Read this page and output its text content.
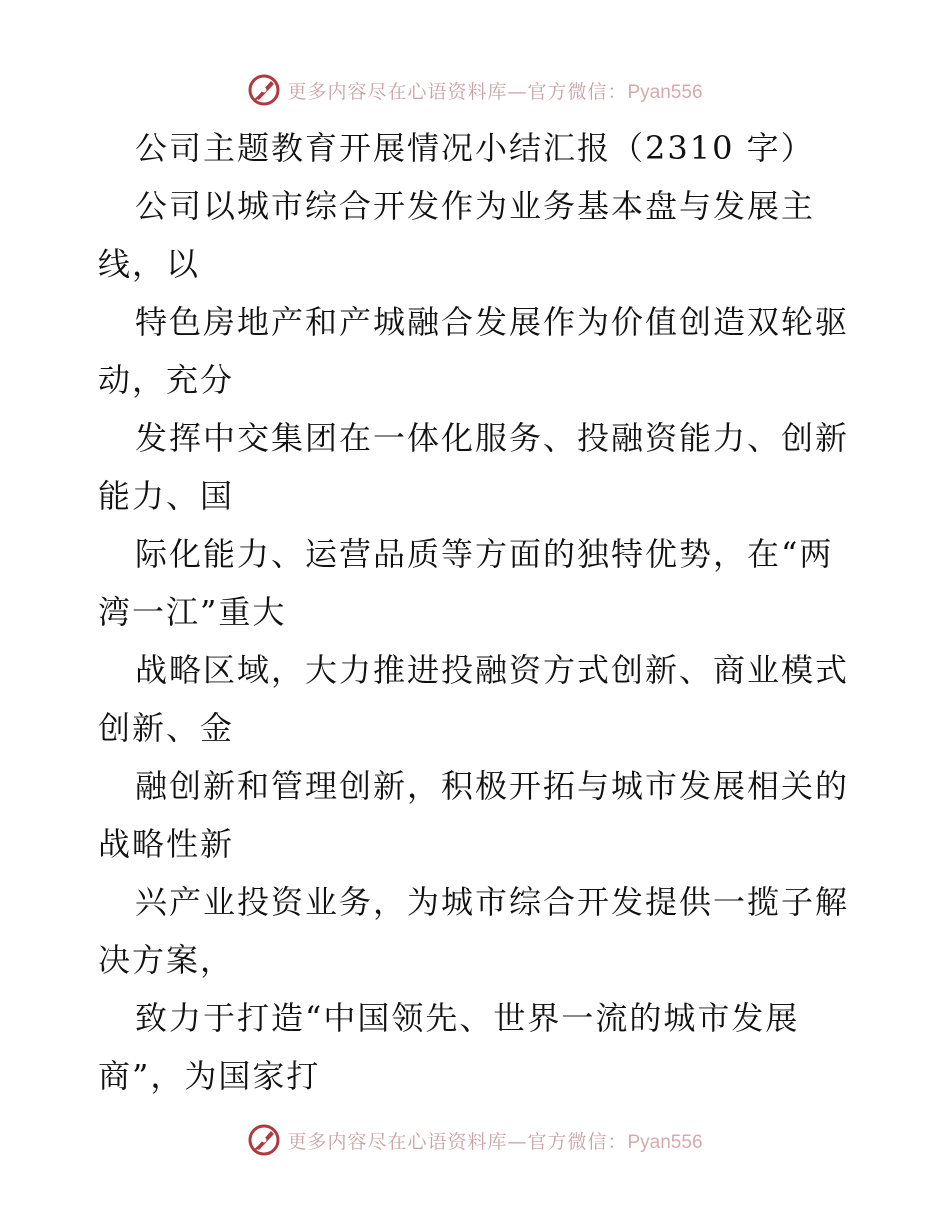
更多内容尽在心语资料库—官方微信：Pyan556
公司主题教育开展情况小结汇报（2310 字）
公司以城市综合开发作为业务基本盘与发展主
线，以
特色房地产和产城融合发展作为价值创造双轮驱
动，充分
发挥中交集团在一体化服务、投融资能力、创新
能力、国
际化能力、运营品质等方面的独特优势，在“两
湾一江”重大
战略区域，大力推进投融资方式创新、商业模式
创新、金
融创新和管理创新，积极开拓与城市发展相关的
战略性新
兴产业投资业务，为城市综合开发提供一揽子解
决方案，
致力于打造“中国领先、世界一流的城市发展
商”，为国家打
更多内容尽在心语资料库—官方微信：Pyan556
